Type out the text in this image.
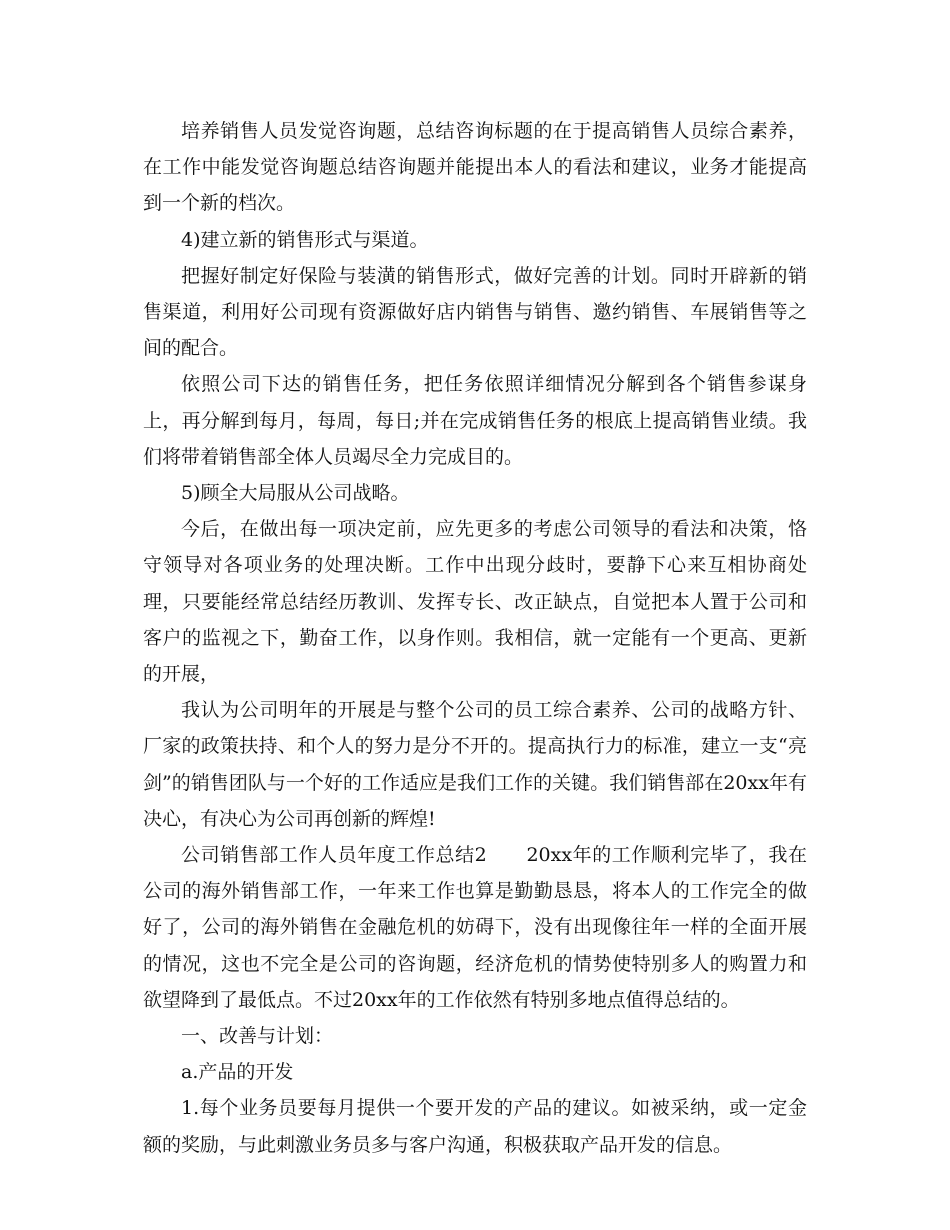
培养销售人员发觉咨询题，总结咨询标题的在于提高销售人员综合素养，在工作中能发觉咨询题总结咨询题并能提出本人的看法和建议，业务才能提高到一个新的档次。

4)建立新的销售形式与渠道。

把握好制定好保险与装潢的销售形式，做好完善的计划。同时开辟新的销售渠道，利用好公司现有资源做好店内销售与销售、邀约销售、车展销售等之间的配合。

依照公司下达的销售任务，把任务依照详细情况分解到各个销售参谋身上，再分解到每月，每周，每日;并在完成销售任务的根底上提高销售业绩。我们将带着销售部全体人员竭尽全力完成目的。

5)顾全大局服从公司战略。

今后，在做出每一项决定前，应先更多的考虑公司领导的看法和决策，恪守领导对各项业务的处理决断。工作中出现分歧时，要静下心来互相协商处理，只要能经常总结经历教训、发挥专长、改正缺点，自觉把本人置于公司和客户的监视之下，勤奋工作，以身作则。我相信，就一定能有一个更高、更新的开展，

我认为公司明年的开展是与整个公司的员工综合素养、公司的战略方针、厂家的政策扶持、和个人的努力是分不开的。提高执行力的标准，建立一支“亮剑”的销售团队与一个好的工作适应是我们工作的关键。我们销售部在20xx年有决心，有决心为公司再创新的辉煌!

公司销售部工作人员年度工作总结2　　20xx年的工作顺利完毕了，我在公司的海外销售部工作，一年来工作也算是勤勤恳恳，将本人的工作完全的做好了，公司的海外销售在金融危机的妨碍下，没有出现像往年一样的全面开展的情况，这也不完全是公司的咨询题，经济危机的情势使特别多人的购置力和欲望降到了最低点。不过20xx年的工作依然有特别多地点值得总结的。

一、改善与计划：

a.产品的开发

1.每个业务员要每月提供一个要开发的产品的建议。如被采纳，或一定金额的奖励，与此刺激业务员多与客户沟通，积极获取产品开发的信息。
